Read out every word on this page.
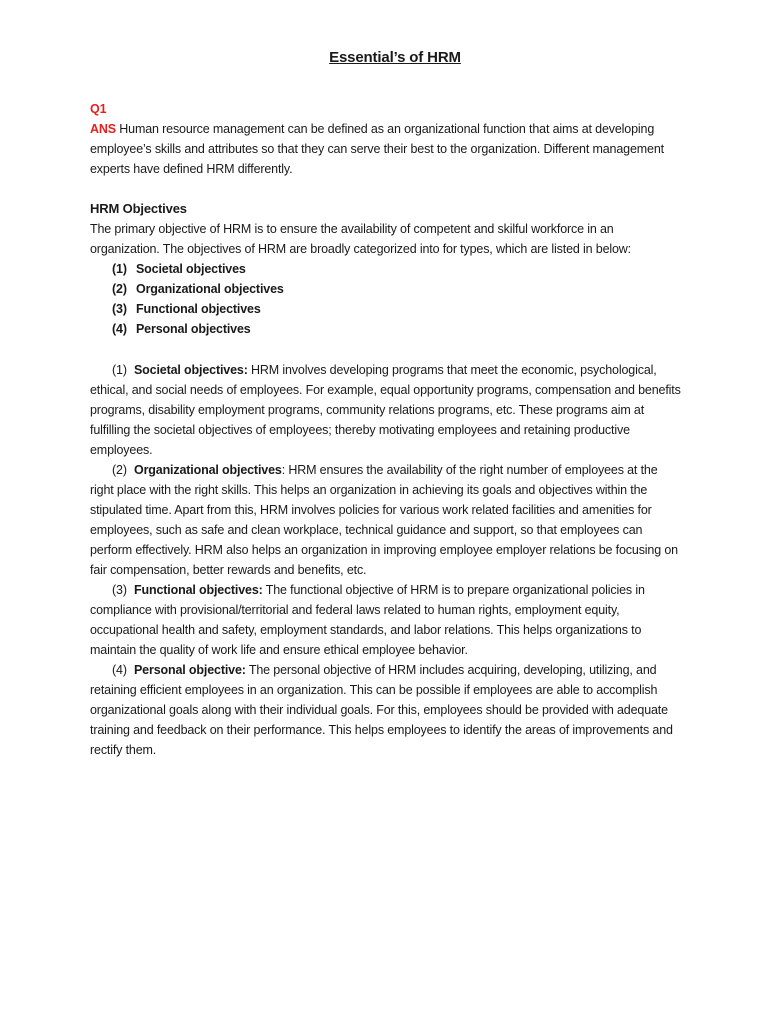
Essential’s of HRM
Q1

ANS Human resource management can be defined as an organizational function that aims at developing employee’s skills and attributes so that they can serve their best to the organization. Different management experts have defined HRM differently.

HRM Objectives

The primary objective of HRM is to ensure the availability of competent and skilful workforce in an organization. The objectives of HRM are broadly categorized into for types, which are listed in below:

(1) Societal objectives
(2) Organizational objectives
(3) Functional objectives
(4) Personal objectives

(1) Societal objectives: HRM involves developing programs that meet the economic, psychological, ethical, and social needs of employees. For example, equal opportunity programs, compensation and benefits programs, disability employment programs, community relations programs, etc. These programs aim at fulfilling the societal objectives of employees; thereby motivating employees and retaining productive employees.

(2) Organizational objectives: HRM ensures the availability of the right number of employees at the right place with the right skills. This helps an organization in achieving its goals and objectives within the stipulated time. Apart from this, HRM involves policies for various work related facilities and amenities for employees, such as safe and clean workplace, technical guidance and support, so that employees can perform effectively. HRM also helps an organization in improving employee employer relations be focusing on fair compensation, better rewards and benefits, etc.

(3) Functional objectives: The functional objective of HRM is to prepare organizational policies in compliance with provisional/territorial and federal laws related to human rights, employment equity, occupational health and safety, employment standards, and labor relations. This helps organizations to maintain the quality of work life and ensure ethical employee behavior.

(4) Personal objective: The personal objective of HRM includes acquiring, developing, utilizing, and retaining efficient employees in an organization. This can be possible if employees are able to accomplish organizational goals along with their individual goals. For this, employees should be provided with adequate training and feedback on their performance. This helps employees to identify the areas of improvements and rectify them.
